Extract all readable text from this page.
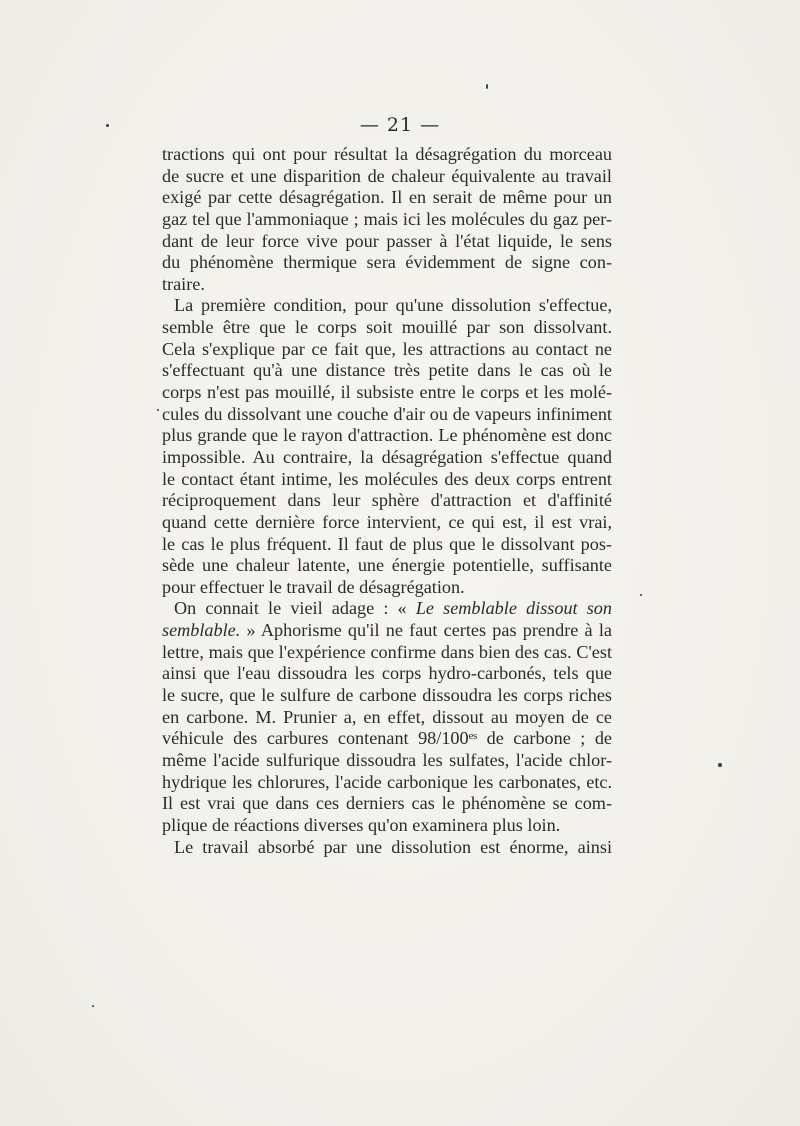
— 21 —
tractions qui ont pour résultat la désagrégation du morceau
de sucre et une disparition de chaleur équivalente au travail
exigé par cette désagrégation. Il en serait de même pour un
gaz tel que l'ammoniaque ; mais ici les molécules du gaz per-
dant de leur force vive pour passer à l'état liquide, le sens
du phénomène thermique sera évidemment de signe con-
traire.
La première condition, pour qu'une dissolution s'effectue,
semble être que le corps soit mouillé par son dissolvant.
Cela s'explique par ce fait que, les attractions au contact ne
s'effectuant qu'à une distance très petite dans le cas où le
corps n'est pas mouillé, il subsiste entre le corps et les molé-
cules du dissolvant une couche d'air ou de vapeurs infiniment
plus grande que le rayon d'attraction. Le phénomène est donc
impossible. Au contraire, la désagrégation s'effectue quand
le contact étant intime, les molécules des deux corps entrent
réciproquement dans leur sphère d'attraction et d'affinité
quand cette dernière force intervient, ce qui est, il est vrai,
le cas le plus fréquent. Il faut de plus que le dissolvant pos-
sède une chaleur latente, une énergie potentielle, suffisante
pour effectuer le travail de désagrégation.
On connait le vieil adage : « Le semblable dissout son
semblable. » Aphorisme qu'il ne faut certes pas prendre à la
lettre, mais que l'expérience confirme dans bien des cas. C'est
ainsi que l'eau dissoudra les corps hydro-carbonés, tels que
le sucre, que le sulfure de carbone dissoudra les corps riches
en carbone. M. Prunier a, en effet, dissout au moyen de ce
véhicule des carbures contenant 98/100ᵉˢ de carbone ; de
même l'acide sulfurique dissoudra les sulfates, l'acide chlor-
hydrique les chlorures, l'acide carbonique les carbonates, etc.
Il est vrai que dans ces derniers cas le phénomène se com-
plique de réactions diverses qu'on examinera plus loin.
Le travail absorbé par une dissolution est énorme, ainsi
